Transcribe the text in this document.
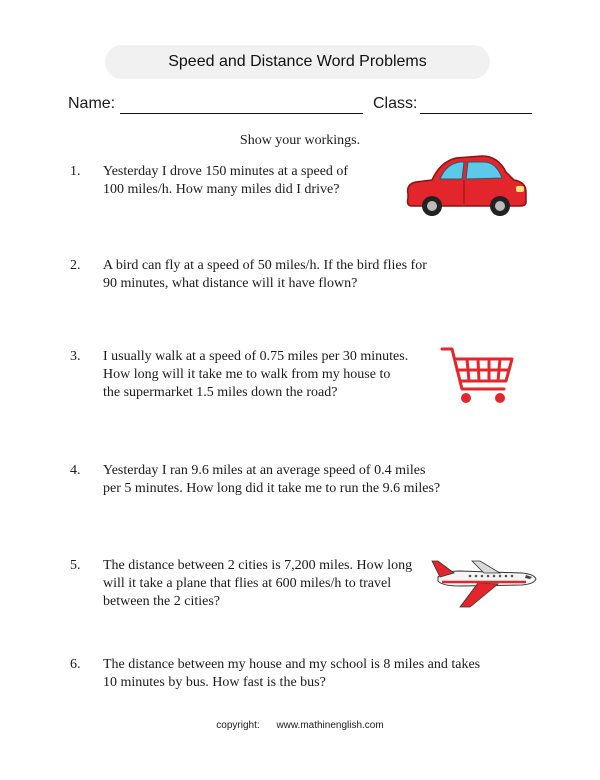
Speed and Distance Word Problems
Name:	Class:
Show your workings.
1. Yesterday I drove 150 minutes at a speed of
100 miles/h. How many miles did I drive?
2. A bird can fly at a speed of 50 miles/h. If the bird flies for
90 minutes, what distance will it have flown?
3. I usually walk at a speed of 0.75 miles per 30 minutes.
How long will it take me to walk from my house to
the supermarket 1.5 miles down the road?
4. Yesterday I ran 9.6 miles at an average speed of 0.4 miles
per 5 minutes. How long did it take me to run the 9.6 miles?
5. The distance between 2 cities is 7,200 miles. How long
will it take a plane that flies at 600 miles/h to travel
between the 2 cities?
6. The distance between my house and my school is 8 miles and takes
10 minutes by bus. How fast is the bus?
copyright: www.mathinenglish.com
